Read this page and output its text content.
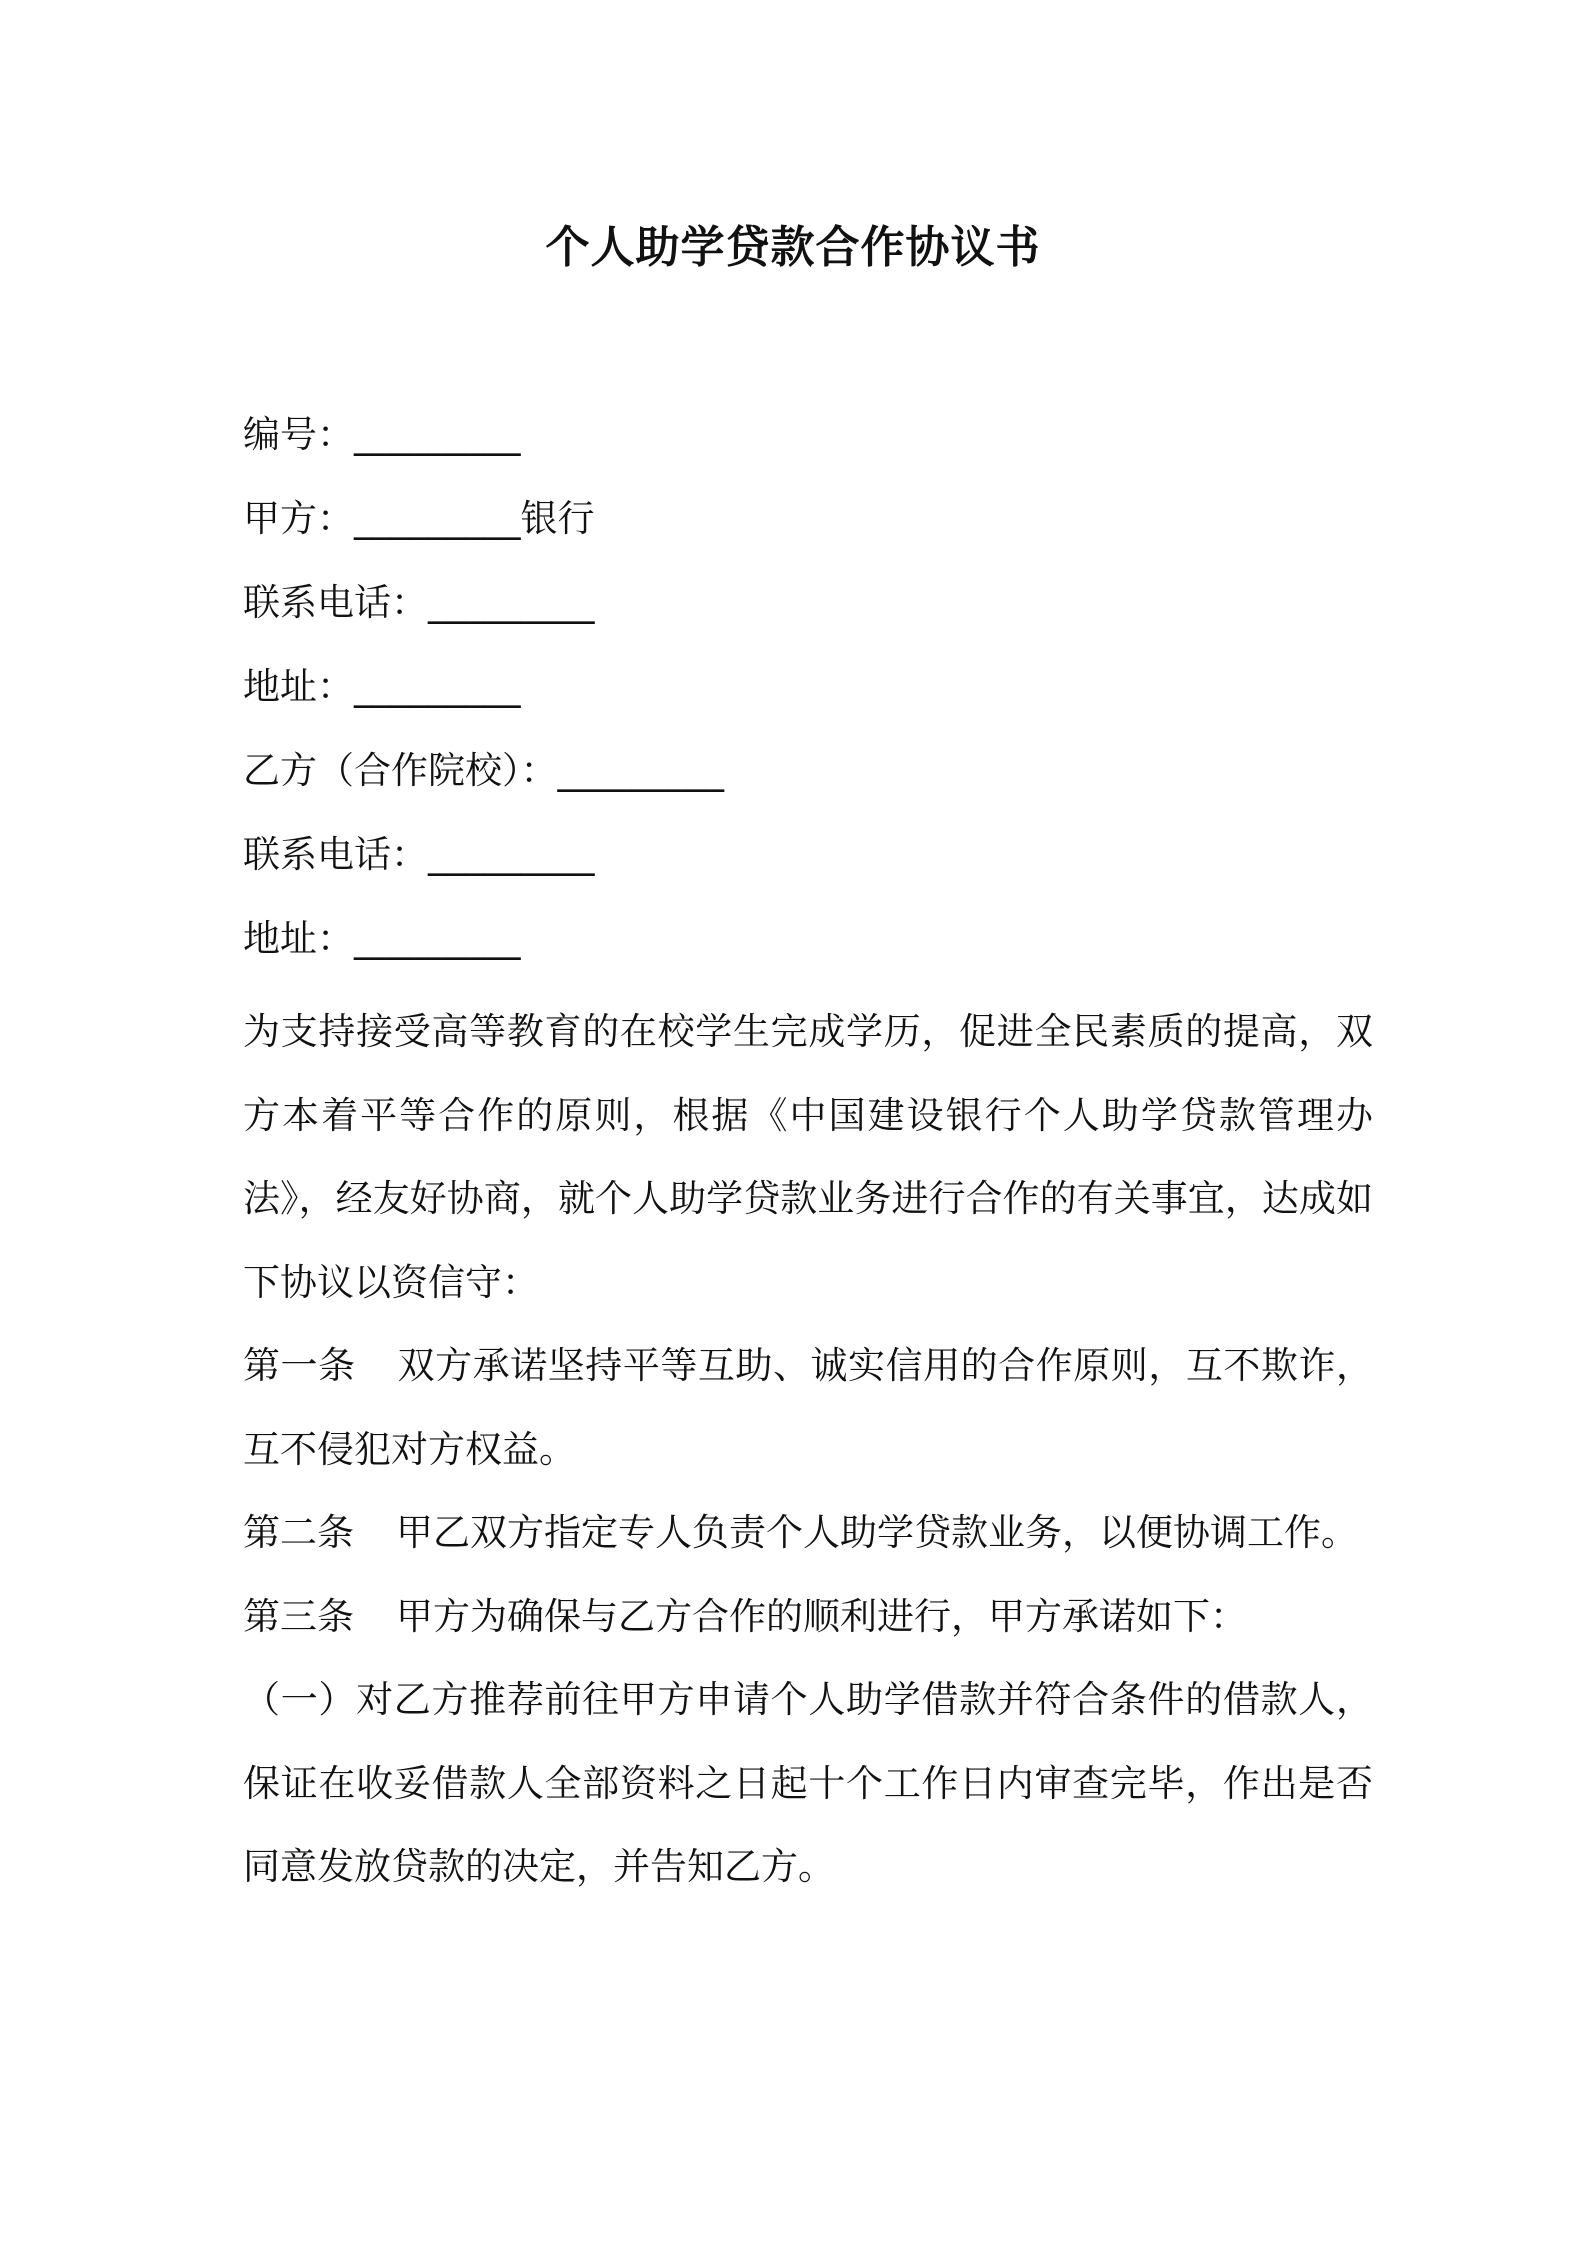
个人助学贷款合作协议书
编号：_________
甲方：_________银行
联系电话：_________
地址：_________
乙方（合作院校）：_________
联系电话：_________
地址：_________

为支持接受高等教育的在校学生完成学历，促进全民素质的提高，双方本着平等合作的原则，根据《中国建设银行个人助学贷款管理办法》，经友好协商，就个人助学贷款业务进行合作的有关事宜，达成如下协议以资信守：

第一条 双方承诺坚持平等互助、诚实信用的合作原则，互不欺诈，互不侵犯对方权益。

第二条 甲乙双方指定专人负责个人助学贷款业务，以便协调工作。

第三条 甲方为确保与乙方合作的顺利进行，甲方承诺如下：

（一）对乙方推荐前往甲方申请个人助学借款并符合条件的借款人，保证在收妥借款人全部资料之日起十个工作日内审查完毕，作出是否同意发放贷款的决定，并告知乙方。
